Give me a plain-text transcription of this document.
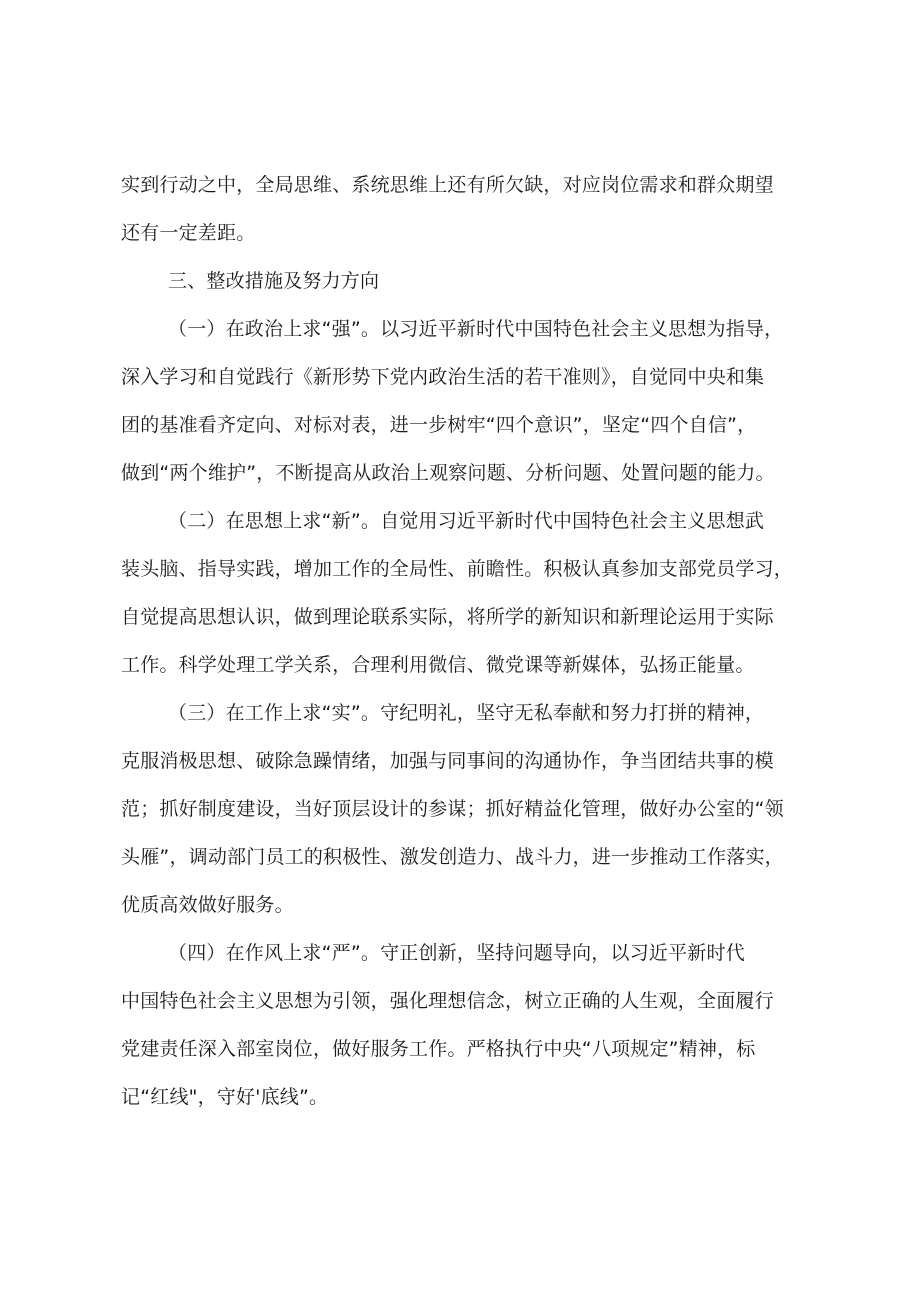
实到行动之中，全局思维、系统思维上还有所欠缺，对应岗位需求和群众期望
还有一定差距。
三、整改措施及努力方向
（一）在政治上求“强”。以习近平新时代中国特色社会主义思想为指导，
深入学习和自觉践行《新形势下党内政治生活的若干准则》，自觉同中央和集
团的基准看齐定向、对标对表，进一步树牢“四个意识”，坚定“四个自信”，
做到“两个维护”，不断提高从政治上观察问题、分析问题、处置问题的能力。
（二）在思想上求“新”。自觉用习近平新时代中国特色社会主义思想武
装头脑、指导实践，增加工作的全局性、前瞻性。积极认真参加支部党员学习，
自觉提高思想认识，做到理论联系实际，将所学的新知识和新理论运用于实际
工作。科学处理工学关系，合理利用微信、微党课等新媒体，弘扬正能量。
（三）在工作上求“实”。守纪明礼，坚守无私奉献和努力打拼的精神，
克服消极思想、破除急躁情绪，加强与同事间的沟通协作，争当团结共事的模
范；抓好制度建设，当好顶层设计的参谋；抓好精益化管理，做好办公室的“领
头雁”，调动部门员工的积极性、激发创造力、战斗力，进一步推动工作落实，
优质高效做好服务。
（四）在作风上求“严”。守正创新，坚持问题导向，以习近平新时代
中国特色社会主义思想为引领，强化理想信念，树立正确的人生观，全面履行
党建责任深入部室岗位，做好服务工作。严格执行中央“八项规定”精神，标
记“红线"，守好'底线”。
